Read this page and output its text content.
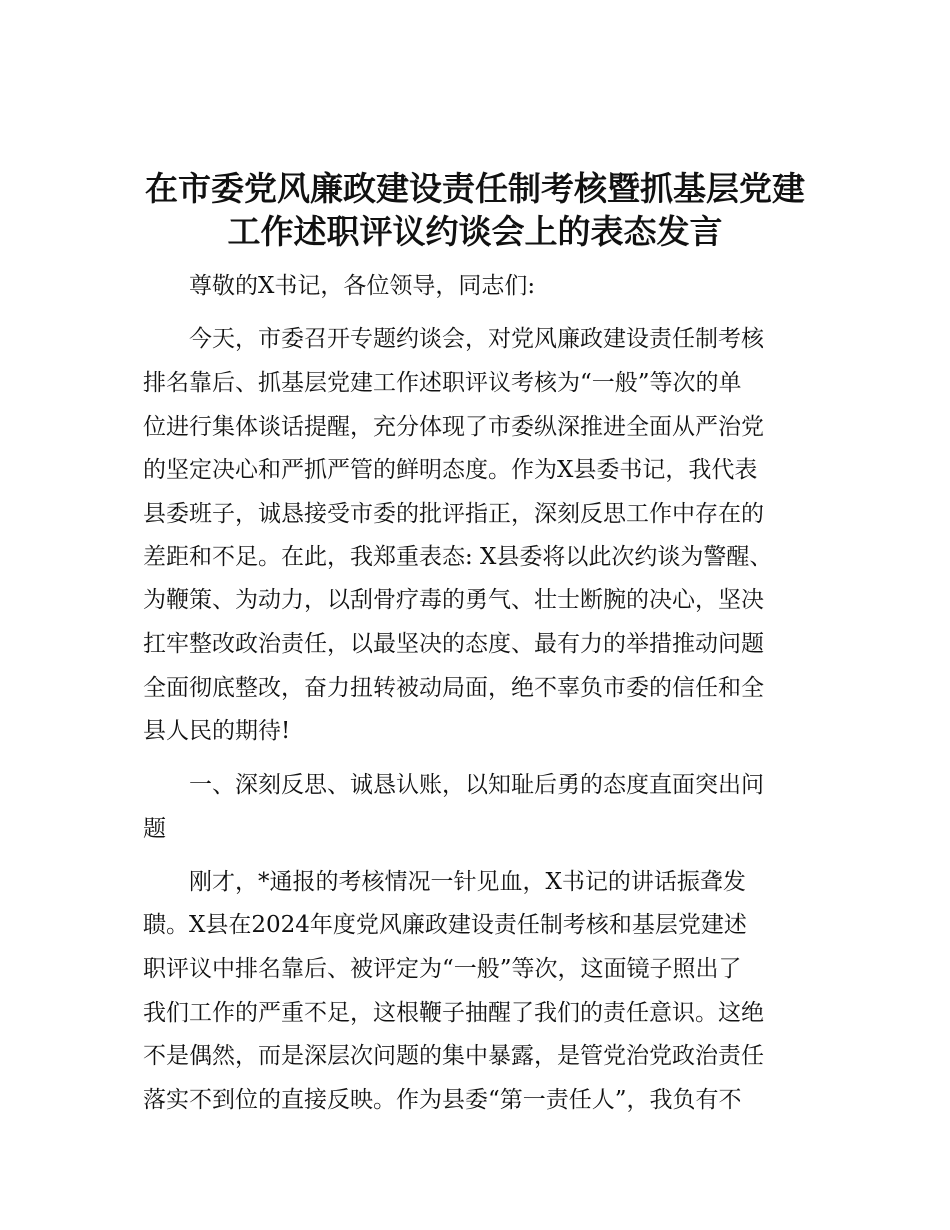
在市委党风廉政建设责任制考核暨抓基层党建
工作述职评议约谈会上的表态发言
尊敬的X书记，各位领导，同志们:
今天，市委召开专题约谈会，对党风廉政建设责任制考核
排名靠后、抓基层党建工作述职评议考核为“一般”等次的单
位进行集体谈话提醒，充分体现了市委纵深推进全面从严治党
的坚定决心和严抓严管的鲜明态度。作为X县委书记，我代表
县委班子，诚恳接受市委的批评指正，深刻反思工作中存在的
差距和不足。在此，我郑重表态: X县委将以此次约谈为警醒、
为鞭策、为动力，以刮骨疗毒的勇气、壮士断腕的决心，坚决
扛牢整改政治责任，以最坚决的态度、最有力的举措推动问题
全面彻底整改，奋力扭转被动局面，绝不辜负市委的信任和全
县人民的期待!
一、深刻反思、诚恳认账，以知耻后勇的态度直面突出问
题
刚才，*通报的考核情况一针见血，X书记的讲话振聋发
聩。X县在2024年度党风廉政建设责任制考核和基层党建述
职评议中排名靠后、被评定为“一般”等次，这面镜子照出了
我们工作的严重不足，这根鞭子抽醒了我们的责任意识。这绝
不是偶然，而是深层次问题的集中暴露，是管党治党政治责任
落实不到位的直接反映。作为县委“第一责任人”，我负有不
